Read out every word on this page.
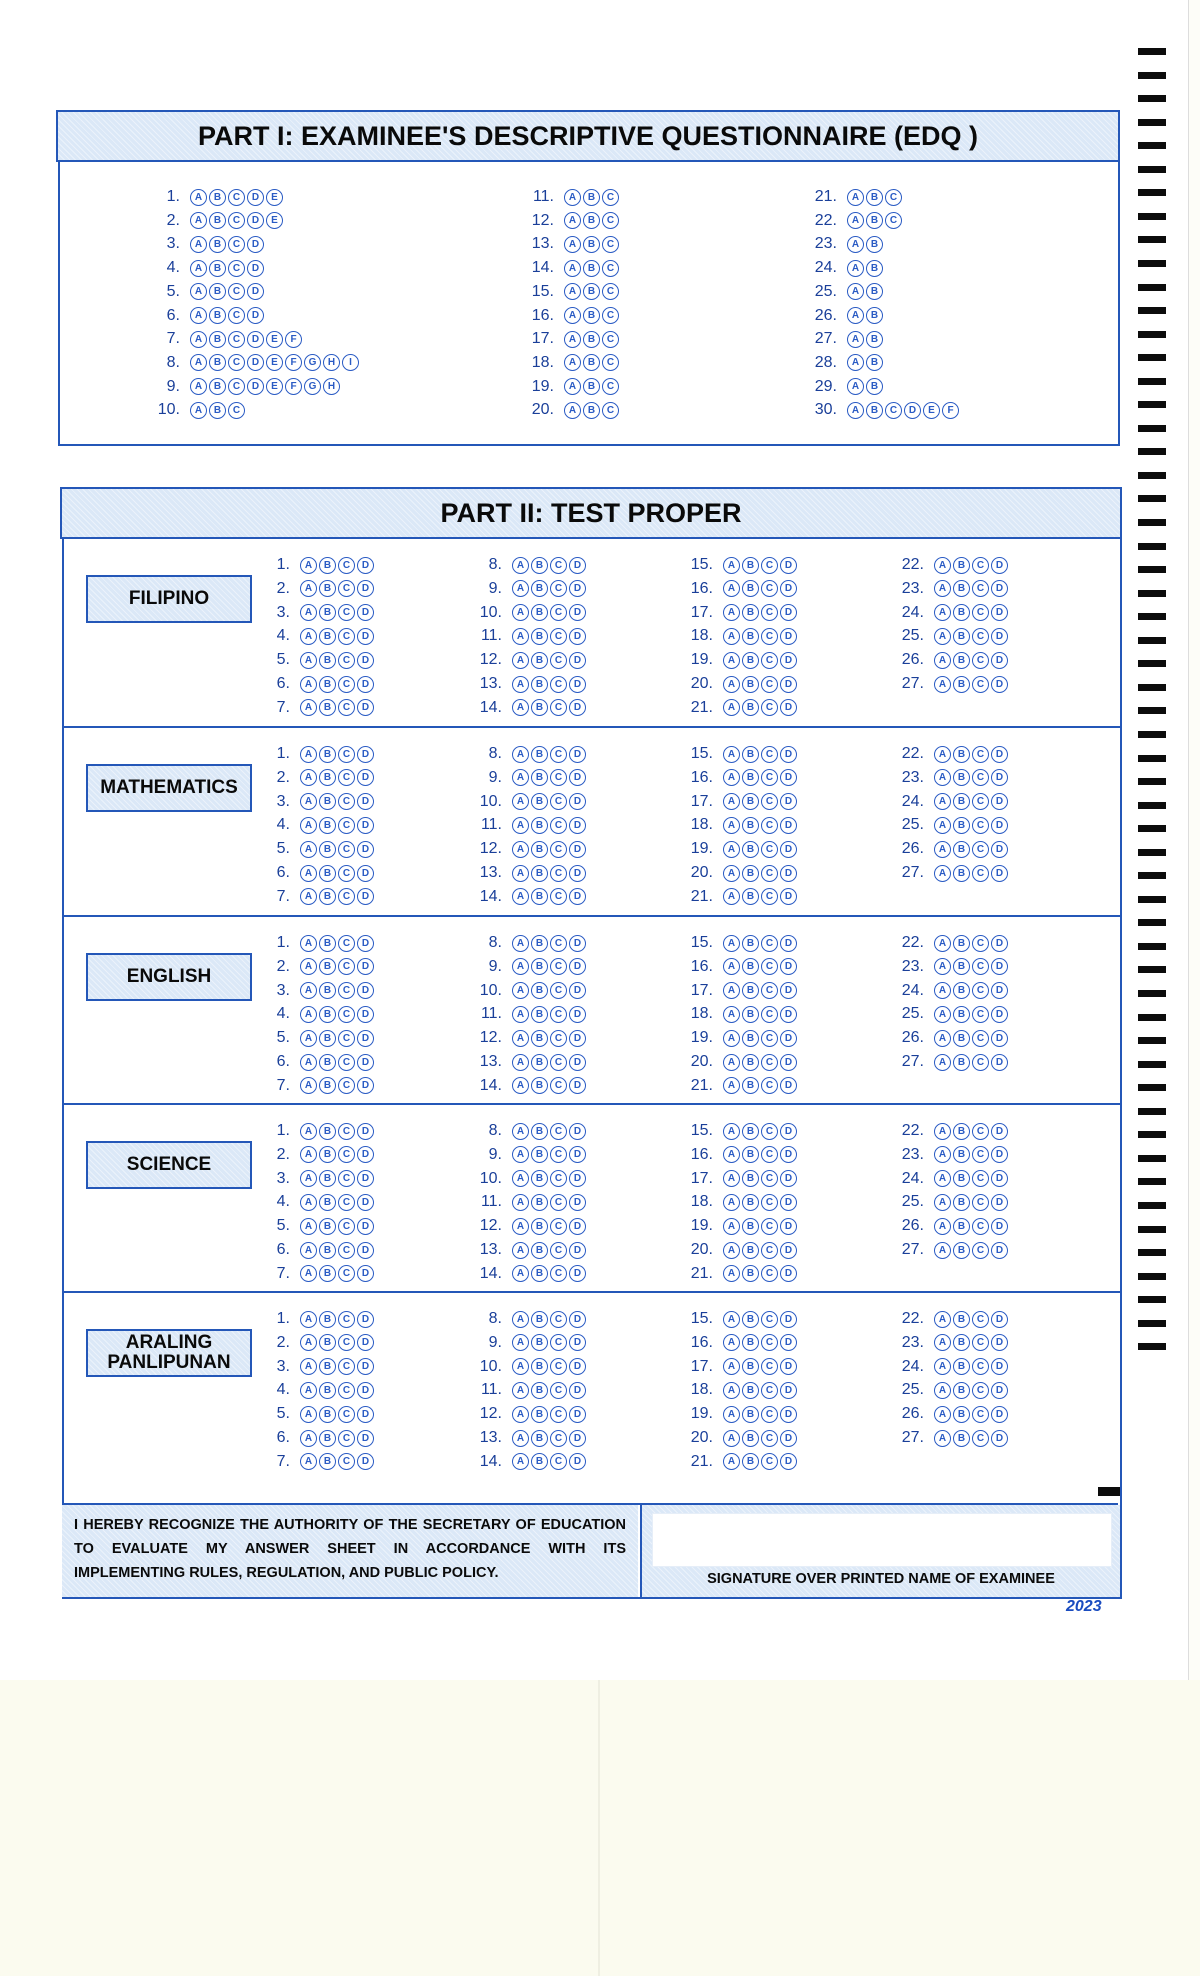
PART I: EXAMINEE'S DESCRIPTIVE QUESTIONNAIRE (EDQ )
1.	A	B	C	D	E
2.	A	B	C	D	E
3.	A	B	C	D
4.	A	B	C	D
5.	A	B	C	D
6.	A	B	C	D
7.	A	B	C	D	E	F
8.	A	B	C	D	E	F	G	H	I
9.	A	B	C	D	E	F	G	H
10.	A	B	C
11.	A	B	C
12.	A	B	C
13.	A	B	C
14.	A	B	C
15.	A	B	C
16.	A	B	C
17.	A	B	C
18.	A	B	C
19.	A	B	C
20.	A	B	C
21.	A	B	C
22.	A	B	C
23.	A	B
24.	A	B
25.	A	B
26.	A	B
27.	A	B
28.	A	B
29.	A	B
30.	A	B	C	D	E	F
PART II: TEST PROPER
FILIPINO
1.	A	B	C	D
2.	A	B	C	D
3.	A	B	C	D
4.	A	B	C	D
5.	A	B	C	D
6.	A	B	C	D
7.	A	B	C	D
8.	A	B	C	D
9.	A	B	C	D
10.	A	B	C	D
11.	A	B	C	D
12.	A	B	C	D
13.	A	B	C	D
14.	A	B	C	D
15.	A	B	C	D
16.	A	B	C	D
17.	A	B	C	D
18.	A	B	C	D
19.	A	B	C	D
20.	A	B	C	D
21.	A	B	C	D
22.	A	B	C	D
23.	A	B	C	D
24.	A	B	C	D
25.	A	B	C	D
26.	A	B	C	D
27.	A	B	C	D
MATHEMATICS
1.	A	B	C	D
2.	A	B	C	D
3.	A	B	C	D
4.	A	B	C	D
5.	A	B	C	D
6.	A	B	C	D
7.	A	B	C	D
8.	A	B	C	D
9.	A	B	C	D
10.	A	B	C	D
11.	A	B	C	D
12.	A	B	C	D
13.	A	B	C	D
14.	A	B	C	D
15.	A	B	C	D
16.	A	B	C	D
17.	A	B	C	D
18.	A	B	C	D
19.	A	B	C	D
20.	A	B	C	D
21.	A	B	C	D
22.	A	B	C	D
23.	A	B	C	D
24.	A	B	C	D
25.	A	B	C	D
26.	A	B	C	D
27.	A	B	C	D
ENGLISH
1.	A	B	C	D
2.	A	B	C	D
3.	A	B	C	D
4.	A	B	C	D
5.	A	B	C	D
6.	A	B	C	D
7.	A	B	C	D
8.	A	B	C	D
9.	A	B	C	D
10.	A	B	C	D
11.	A	B	C	D
12.	A	B	C	D
13.	A	B	C	D
14.	A	B	C	D
15.	A	B	C	D
16.	A	B	C	D
17.	A	B	C	D
18.	A	B	C	D
19.	A	B	C	D
20.	A	B	C	D
21.	A	B	C	D
22.	A	B	C	D
23.	A	B	C	D
24.	A	B	C	D
25.	A	B	C	D
26.	A	B	C	D
27.	A	B	C	D
SCIENCE
1.	A	B	C	D
2.	A	B	C	D
3.	A	B	C	D
4.	A	B	C	D
5.	A	B	C	D
6.	A	B	C	D
7.	A	B	C	D
8.	A	B	C	D
9.	A	B	C	D
10.	A	B	C	D
11.	A	B	C	D
12.	A	B	C	D
13.	A	B	C	D
14.	A	B	C	D
15.	A	B	C	D
16.	A	B	C	D
17.	A	B	C	D
18.	A	B	C	D
19.	A	B	C	D
20.	A	B	C	D
21.	A	B	C	D
22.	A	B	C	D
23.	A	B	C	D
24.	A	B	C	D
25.	A	B	C	D
26.	A	B	C	D
27.	A	B	C	D
ARALING
PANLIPUNAN
1.	A	B	C	D
2.	A	B	C	D
3.	A	B	C	D
4.	A	B	C	D
5.	A	B	C	D
6.	A	B	C	D
7.	A	B	C	D
8.	A	B	C	D
9.	A	B	C	D
10.	A	B	C	D
11.	A	B	C	D
12.	A	B	C	D
13.	A	B	C	D
14.	A	B	C	D
15.	A	B	C	D
16.	A	B	C	D
17.	A	B	C	D
18.	A	B	C	D
19.	A	B	C	D
20.	A	B	C	D
21.	A	B	C	D
22.	A	B	C	D
23.	A	B	C	D
24.	A	B	C	D
25.	A	B	C	D
26.	A	B	C	D
27.	A	B	C	D
I HEREBY RECOGNIZE THE AUTHORITY OF THE SECRETARY OF EDUCATION TO EVALUATE MY ANSWER SHEET IN ACCORDANCE WITH ITS IMPLEMENTING RULES, REGULATION, AND PUBLIC POLICY.	SIGNATURE OVER PRINTED NAME OF EXAMINEE
2023
